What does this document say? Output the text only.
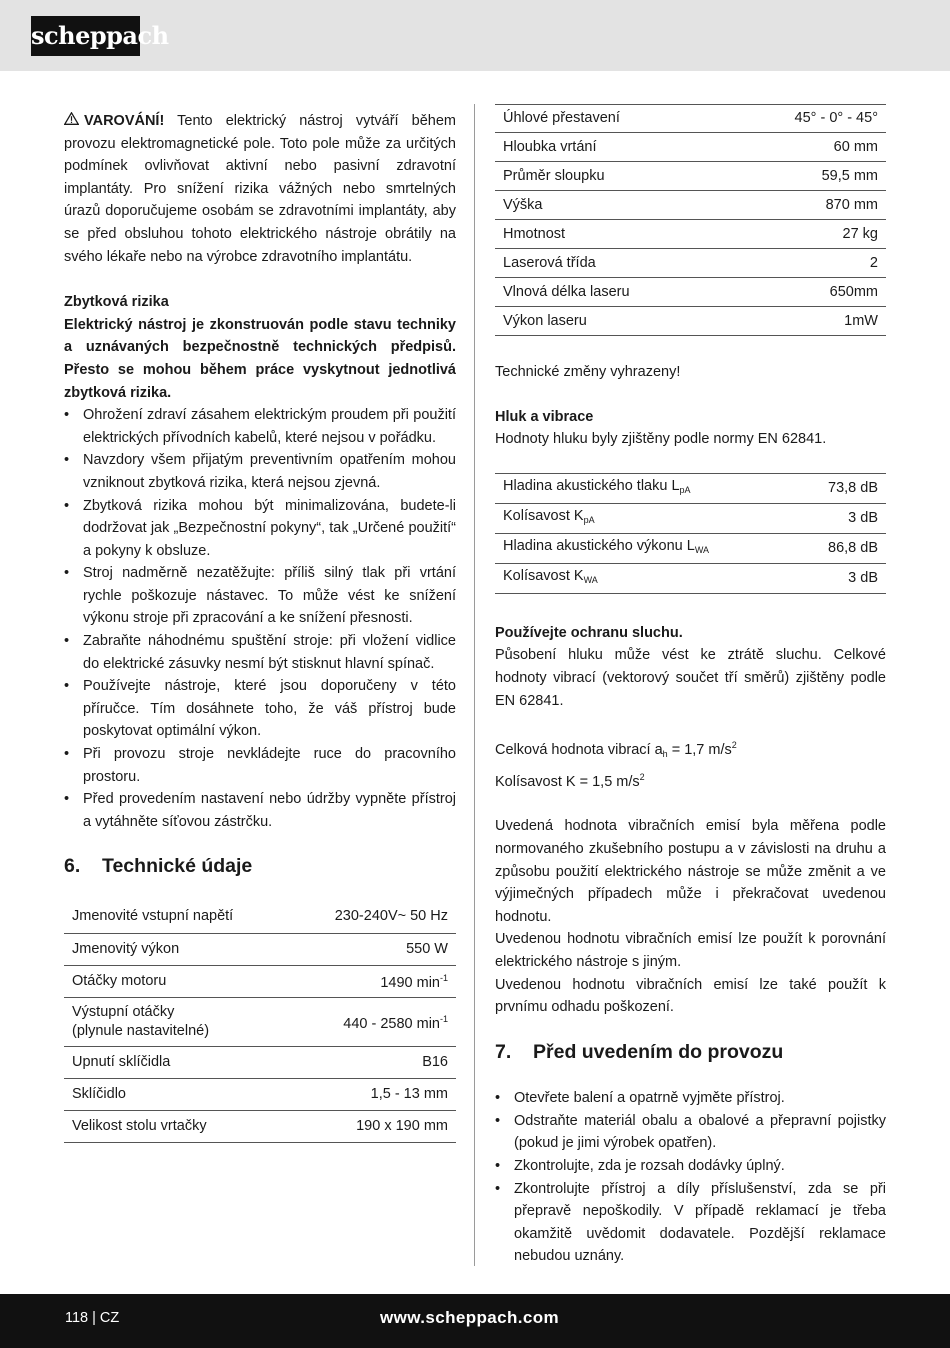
scheppach

VAROVÁNÍ! Tento elektrický nástroj vytváří během provozu elektromagnetické pole. Toto pole může za určitých podmínek ovlivňovat aktivní nebo pasivní zdravotní implantáty. Pro snížení rizika vážných nebo smrtelných úrazů doporučujeme osobám se zdravotními implantáty, aby se před obsluhou tohoto elektrického nástroje obrátily na svého lékaře nebo na výrobce zdravotního implantátu.

Zbytková rizika

Elektrický nástroj je zkonstruován podle stavu techniky a uznávaných bezpečnostně technických předpisů. Přesto se mohou během práce vyskytnout jednotlivá zbytková rizika.

• Ohrožení zdraví zásahem elektrickým proudem při použití elektrických přívodních kabelů, které nejsou v pořádku.
• Navzdory všem přijatým preventivním opatřením mohou vzniknout zbytková rizika, která nejsou zjevná.
• Zbytková rizika mohou být minimalizována, budete-li dodržovat jak „Bezpečnostní pokyny“, tak „Určené použití“ a pokyny k obsluze.
• Stroj nadměrně nezatěžujte: příliš silný tlak při vrtání rychle poškozuje nástavec. To může vést ke snížení výkonu stroje při zpracování a ke snížení přesnosti.
• Zabraňte náhodnému spuštění stroje: při vložení vidlice do elektrické zásuvky nesmí být stisknut hlavní spínač.
• Používejte nástroje, které jsou doporučeny v této příručce. Tím dosáhnete toho, že váš přístroj bude poskytovat optimální výkon.
• Při provozu stroje nevkládejte ruce do pracovního prostoru.
• Před provedením nastavení nebo údržby vypněte přístroj a vytáhněte síťovou zástrčku.
6.	Technické údaje
Jmenovité vstupní napětí	230-240V~ 50 Hz
Jmenovitý výkon	550 W
Otáčky motoru	1490 $\min^{-1}$
Výstupní otáčky
(plynule nastavitelné)	440 - 2580 $\min^{-1}$
Upnutí sklíčidla	B16
Sklíčidlo	1,5 - 13 mm
Velikost stolu vrtačky	190 x 190 mm
Úhlové přestavení	45° - 0° - 45°
Hloubka vrtání	60 mm
Průměr sloupku	59,5 mm
Výška	870 mm
Hmotnost	27 kg
Laserová třída	2
Vlnová délka laseru	650mm
Výkon laseru	1mW

Technické změny vyhrazeny!

Hluk a vibrace

Hodnoty hluku byly zjištěny podle normy EN 62841.

Hladina akustického tlaku $L_{pA}$	73,8 dB
Kolísavost $K_{pA}$	3 dB
Hladina akustického výkonu $L_{WA}$	86,8 dB
Kolísavost $K_{WA}$	3 dB

Používejte ochranu sluchu.

Působení hluku může vést ke ztrátě sluchu. Celkové hodnoty vibrací (vektorový součet tří směrů) zjištěny podle EN 62841.

Celková hodnota vibrací $a_h = 1,7$ $m/s^2$

Kolísavost K = 1,5 $m/s^2$

Uvedená hodnota vibračních emisí byla měřena podle normovaného zkušebního postupu a v závislosti na druhu a způsobu použití elektrického nástroje se může změnit a ve výjimečných případech může i překračovat uvedenou hodnotu.

Uvedenou hodnotu vibračních emisí lze použít k porovnání elektrického nástroje s jiným.

Uvedenou hodnotu vibračních emisí lze také použít k prvnímu odhadu poškození.

7.	Před uvedením do provozu
• Otevřete balení a opatrně vyjměte přístroj.
• Odstraňte materiál obalu a obalové a přepravní pojistky (pokud je jimi výrobek opatřen).
• Zkontrolujte, zda je rozsah dodávky úplný.
• Zkontrolujte přístroj a díly příslušenství, zda se při přepravě nepoškodily. V případě reklamací je třeba okamžitě uvědomit dodavatele. Pozdější reklamace nebudou uznány.
118 | CZ	www.scheppach.com
